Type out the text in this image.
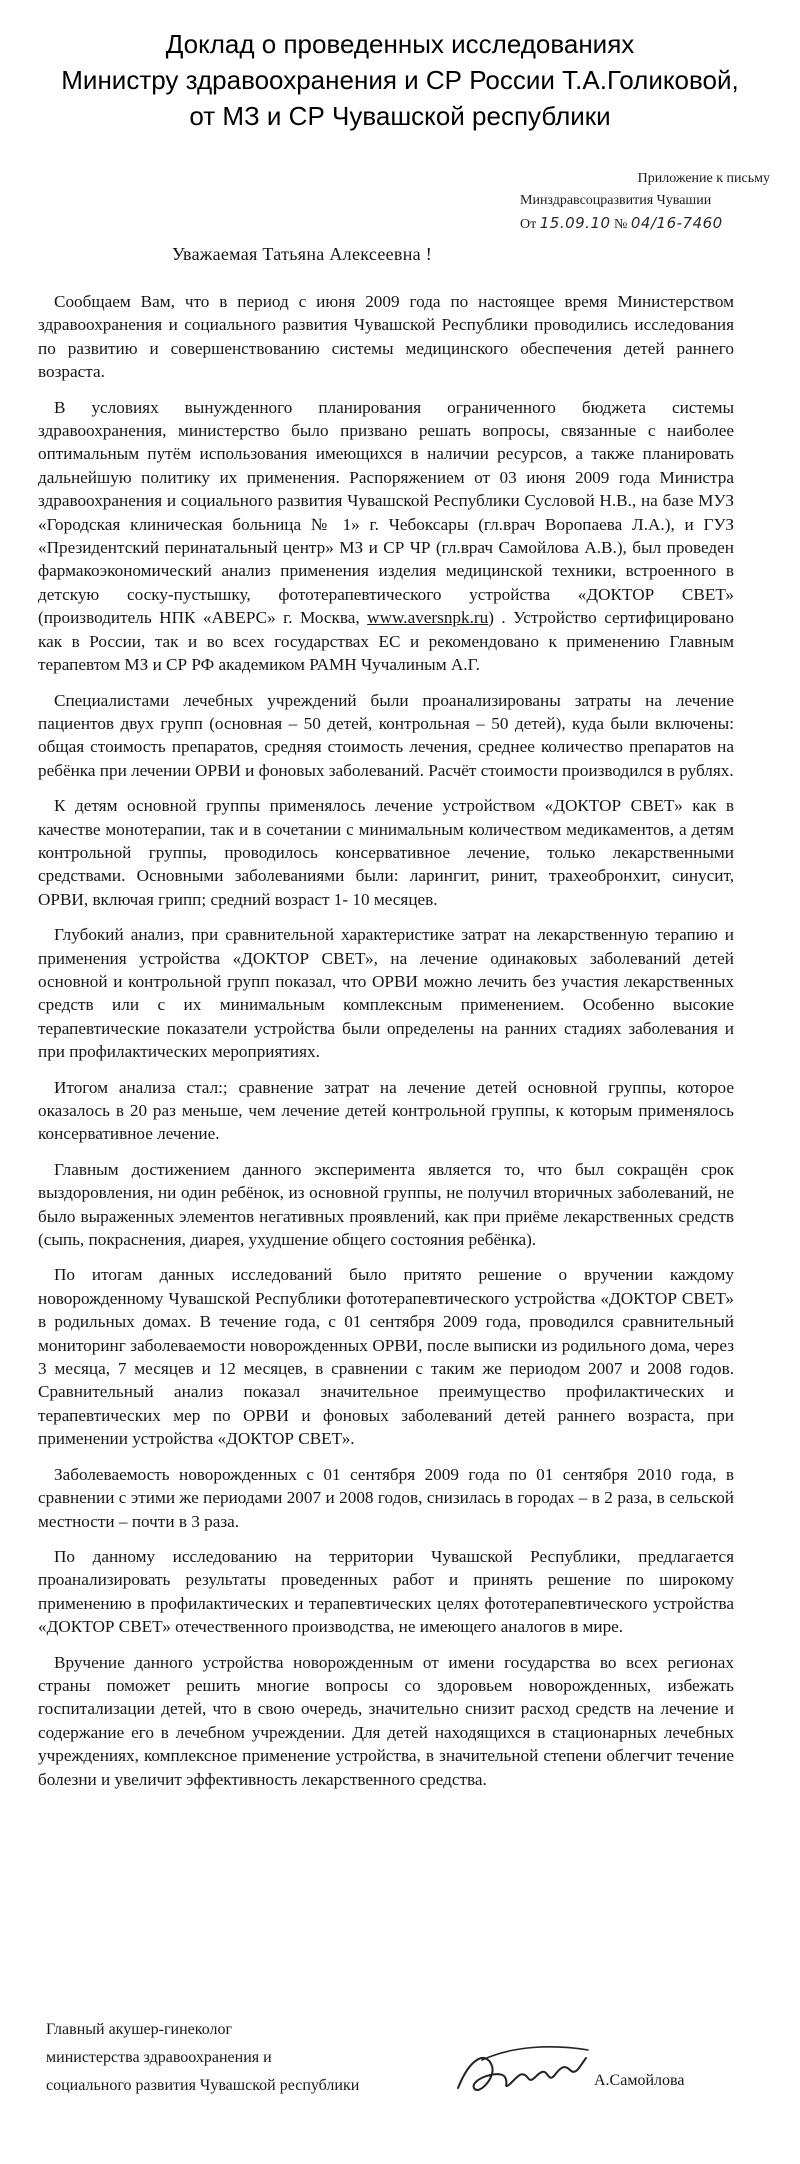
Доклад о проведенных исследованиях
Министру здравоохранения и СР России Т.А.Голиковой,
от МЗ и СР Чувашской республики
Приложение к письму
Минздравсоцразвития Чувашии
От 15.09.10 № 04/16-7460
Уважаемая Татьяна Алексеевна !

Сообщаем Вам, что в период с июня 2009 года по настоящее время Министерством здравоохранения и социального развития Чувашской Республики проводились исследования по развитию и совершенствованию системы медицинского обеспечения детей раннего возраста.

В условиях вынужденного планирования ограниченного бюджета системы здравоохранения, министерство было призвано решать вопросы, связанные с наиболее оптимальным путём использования имеющихся в наличии ресурсов, а также планировать дальнейшую политику их применения. Распоряжением от 03 июня 2009 года Министра здравоохранения и социального развития Чувашской Республики Сусловой Н.В., на базе МУЗ «Городская клиническая больница № 1» г. Чебоксары (гл.врач Воропаева Л.А.), и ГУЗ «Президентский перинатальный центр» МЗ и СР ЧР (гл.врач Самойлова А.В.), был проведен фармакоэкономический анализ применения изделия медицинской техники, встроенного в детскую соску-пустышку, фототерапевтического устройства «ДОКТОР СВЕТ» (производитель НПК «АВЕРС» г. Москва, www.aversnpk.ru) . Устройство сертифицировано как в России, так и во всех государствах ЕС и рекомендовано к применению Главным терапевтом МЗ и СР РФ академиком РАМН Чучалиным А.Г.

Специалистами лечебных учреждений были проанализированы затраты на лечение пациентов двух групп (основная – 50 детей, контрольная – 50 детей), куда были включены: общая стоимость препаратов, средняя стоимость лечения, среднее количество препаратов на ребёнка при лечении ОРВИ и фоновых заболеваний. Расчёт стоимости производился в рублях.

К детям основной группы применялось лечение устройством «ДОКТОР СВЕТ» как в качестве монотерапии, так и в сочетании с минимальным количеством медикаментов, а детям контрольной группы, проводилось консервативное лечение, только лекарственными средствами. Основными заболеваниями были: ларингит, ринит, трахеобронхит, синусит, ОРВИ, включая грипп; средний возраст 1- 10 месяцев.

Глубокий анализ, при сравнительной характеристике затрат на лекарственную терапию и применения устройства «ДОКТОР СВЕТ», на лечение одинаковых заболеваний детей основной и контрольной групп показал, что ОРВИ можно лечить без участия лекарственных средств или с их минимальным комплексным применением. Особенно высокие терапевтические показатели устройства были определены на ранних стадиях заболевания и при профилактических мероприятиях.

Итогом анализа стал:; сравнение затрат на лечение детей основной группы, которое оказалось в 20 раз меньше, чем лечение детей контрольной группы, к которым применялось консервативное лечение.

Главным достижением данного эксперимента является то, что был сокращён срок выздоровления, ни один ребёнок, из основной группы, не получил вторичных заболеваний, не было выраженных элементов негативных проявлений, как при приёме лекарственных средств (сыпь, покраснения, диарея, ухудшение общего состояния ребёнка).

По итогам данных исследований было притято решение о вручении каждому новорожденному Чувашской Республики фототерапевтического устройства «ДОКТОР СВЕТ» в родильных домах. В течение года, с 01 сентября 2009 года, проводился сравнительный мониторинг заболеваемости новорожденных ОРВИ, после выписки из родильного дома, через 3 месяца, 7 месяцев и 12 месяцев, в сравнении с таким же периодом 2007 и 2008 годов. Сравнительный анализ показал значительное преимущество профилактических и терапевтических мер по ОРВИ и фоновых заболеваний детей раннего возраста, при применении устройства «ДОКТОР СВЕТ».

Заболеваемость новорожденных с 01 сентября 2009 года по 01 сентября 2010 года, в сравнении с этими же периодами 2007 и 2008 годов, снизилась в городах – в 2 раза, в сельской местности – почти в 3 раза.

По данному исследованию на территории Чувашской Республики, предлагается проанализировать результаты проведенных работ и принять решение по широкому применению в профилактических и терапевтических целях фототерапевтического устройства «ДОКТОР СВЕТ» отечественного производства, не имеющего аналогов в мире.

Вручение данного устройства новорожденным от имени государства во всех регионах страны поможет решить многие вопросы со здоровьем новорожденных, избежать госпитализации детей, что в свою очередь, значительно снизит расход средств на лечение и содержание его в лечебном учреждении. Для детей находящихся в стационарных лечебных учреждениях, комплексное применение устройства, в значительной степени облегчит течение болезни и увеличит эффективность лекарственного средства.

Главный акушер-гинеколог
министерства здравоохранения и
социального развития Чувашской республики	А.Самойлова
